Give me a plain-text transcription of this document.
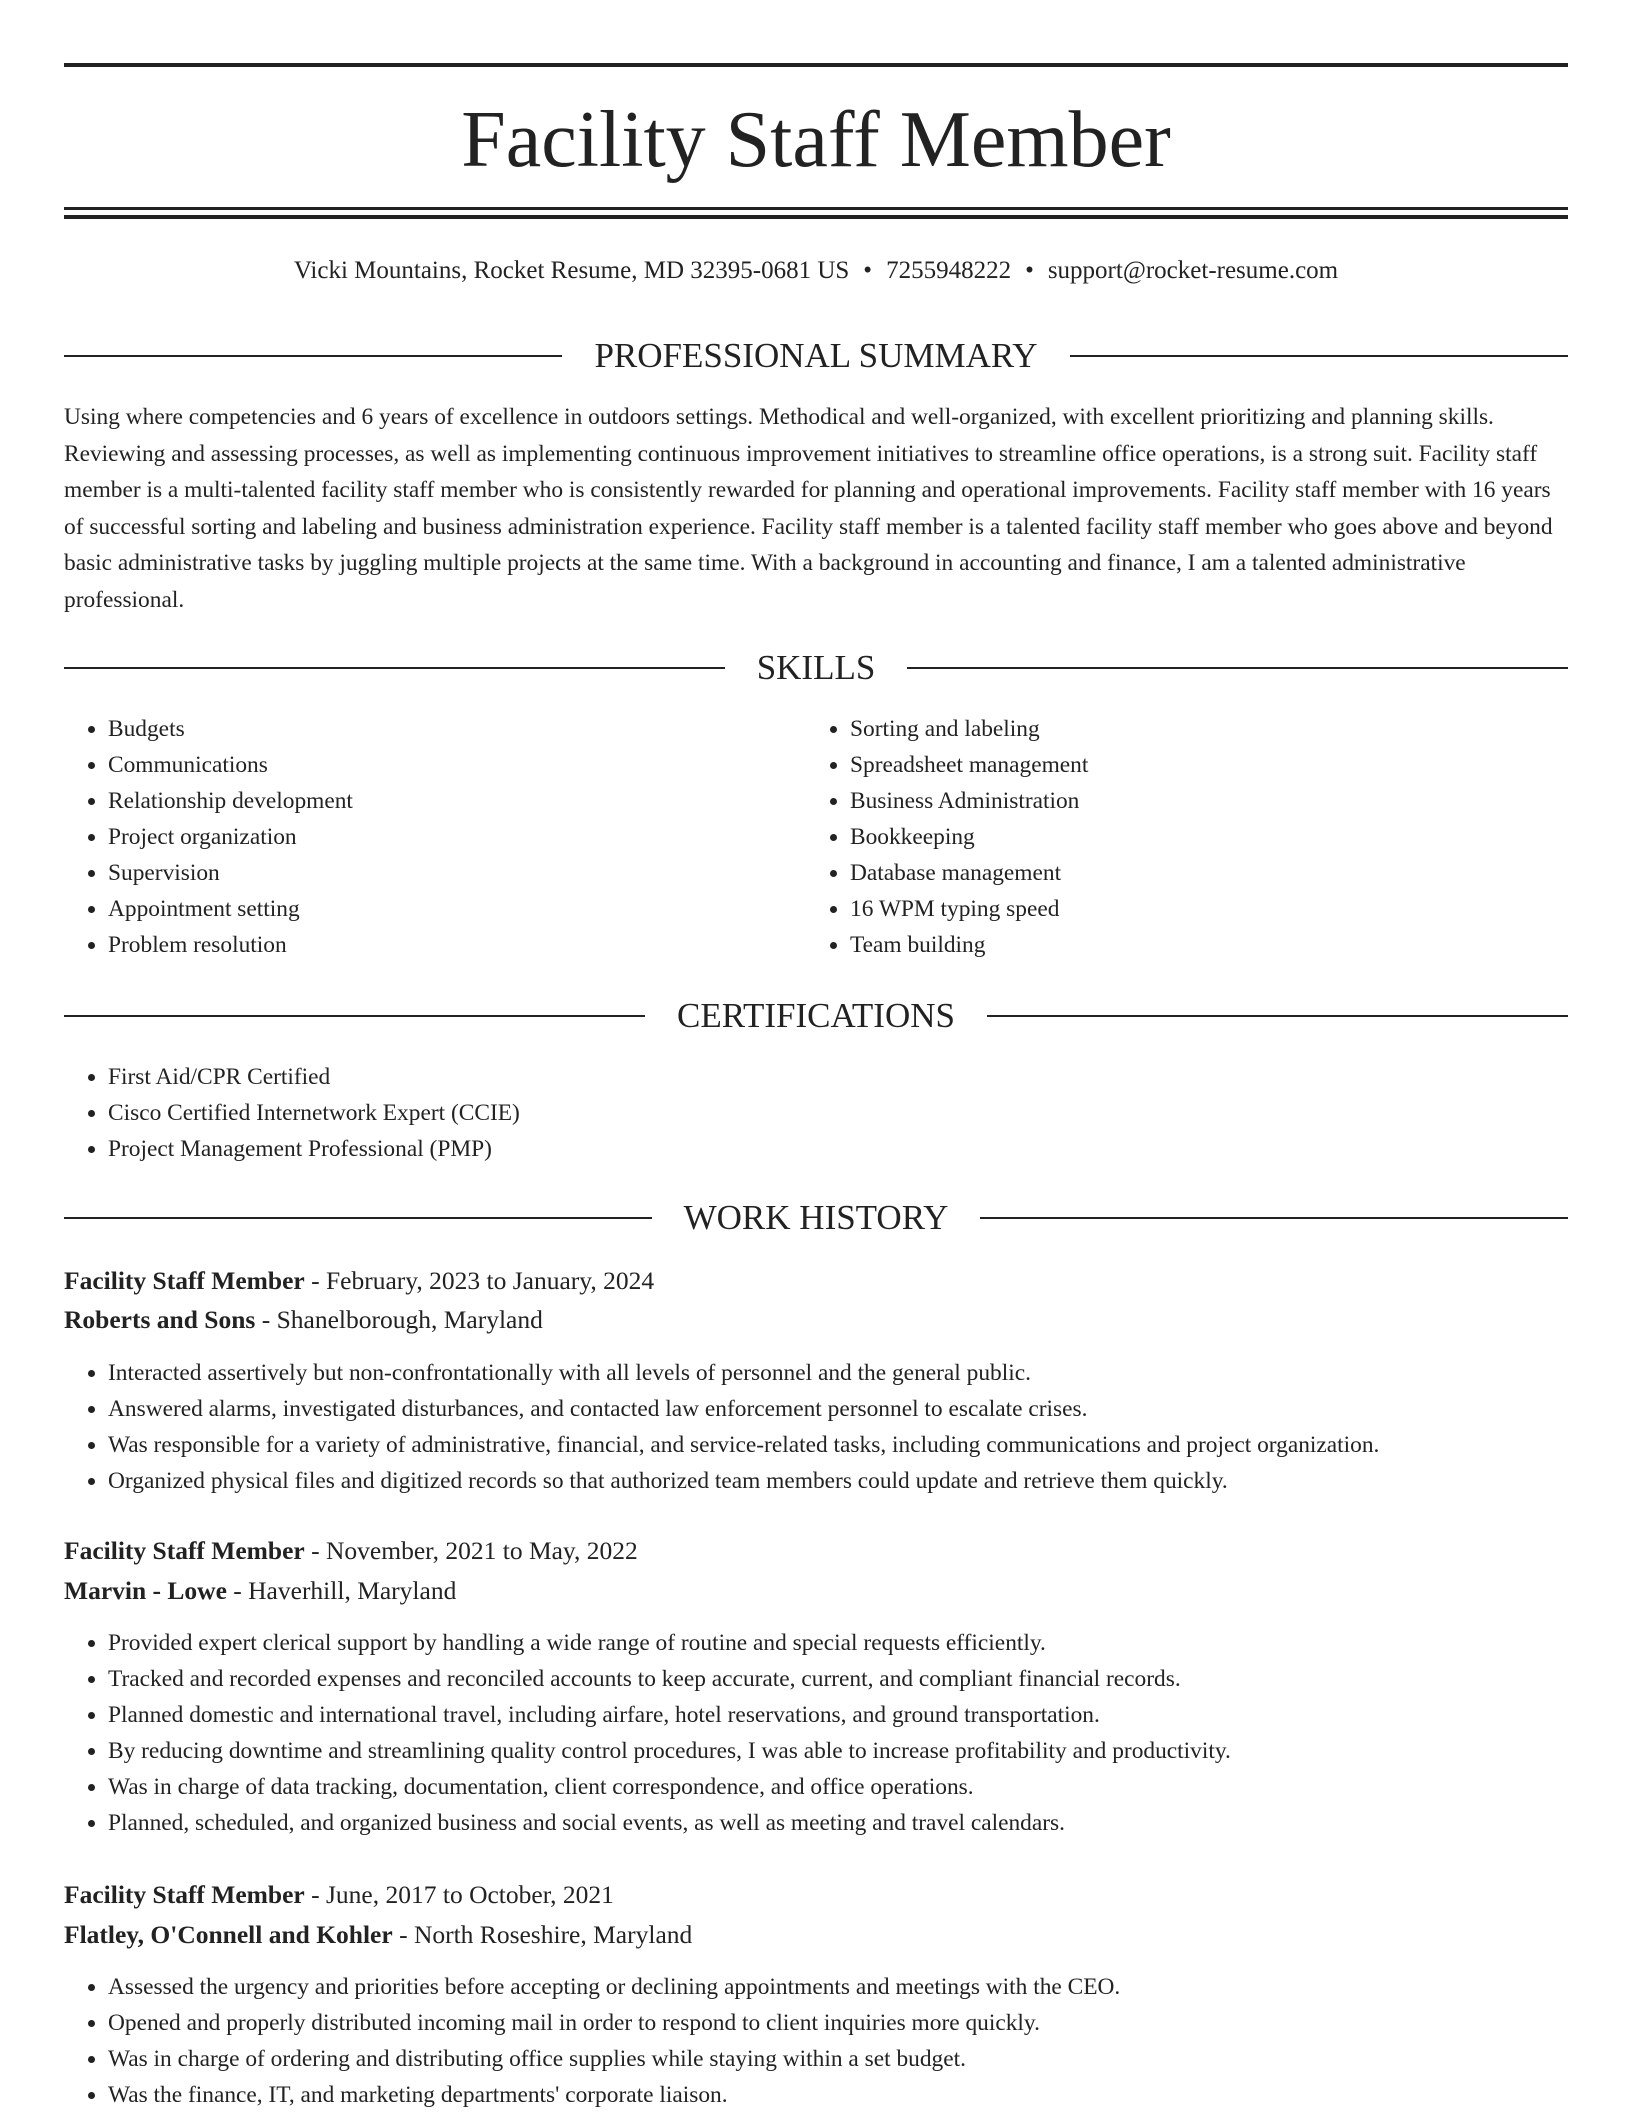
Facility Staff Member
Vicki Mountains, Rocket Resume, MD 32395-0681 US • 7255948222 • support@rocket-resume.com
PROFESSIONAL SUMMARY

Using where competencies and 6 years of excellence in outdoors settings. Methodical and well-organized, with excellent prioritizing and planning skills. Reviewing and assessing processes, as well as implementing continuous improvement initiatives to streamline office operations, is a strong suit. Facility staff member is a multi-talented facility staff member who is consistently rewarded for planning and operational improvements. Facility staff member with 16 years of successful sorting and labeling and business administration experience. Facility staff member is a talented facility staff member who goes above and beyond basic administrative tasks by juggling multiple projects at the same time. With a background in accounting and finance, I am a talented administrative professional.

SKILLS
• Budgets
• Communications
• Relationship development
• Project organization
• Supervision
• Appointment setting
• Problem resolution
• Sorting and labeling
• Spreadsheet management
• Business Administration
• Bookkeeping
• Database management
• 16 WPM typing speed
• Team building
CERTIFICATIONS
• First Aid/CPR Certified
• Cisco Certified Internetwork Expert (CCIE)
• Project Management Professional (PMP)
WORK HISTORY
Facility Staff Member - February, 2023 to January, 2024
Roberts and Sons - Shanelborough, Maryland
• Interacted assertively but non-confrontationally with all levels of personnel and the general public.
• Answered alarms, investigated disturbances, and contacted law enforcement personnel to escalate crises.
• Was responsible for a variety of administrative, financial, and service-related tasks, including communications and project organization.
• Organized physical files and digitized records so that authorized team members could update and retrieve them quickly.
Facility Staff Member - November, 2021 to May, 2022
Marvin - Lowe - Haverhill, Maryland
• Provided expert clerical support by handling a wide range of routine and special requests efficiently.
• Tracked and recorded expenses and reconciled accounts to keep accurate, current, and compliant financial records.
• Planned domestic and international travel, including airfare, hotel reservations, and ground transportation.
• By reducing downtime and streamlining quality control procedures, I was able to increase profitability and productivity.
• Was in charge of data tracking, documentation, client correspondence, and office operations.
• Planned, scheduled, and organized business and social events, as well as meeting and travel calendars.
Facility Staff Member - June, 2017 to October, 2021
Flatley, O'Connell and Kohler - North Roseshire, Maryland
• Assessed the urgency and priorities before accepting or declining appointments and meetings with the CEO.
• Opened and properly distributed incoming mail in order to respond to client inquiries more quickly.
• Was in charge of ordering and distributing office supplies while staying within a set budget.
• Was the finance, IT, and marketing departments' corporate liaison.
